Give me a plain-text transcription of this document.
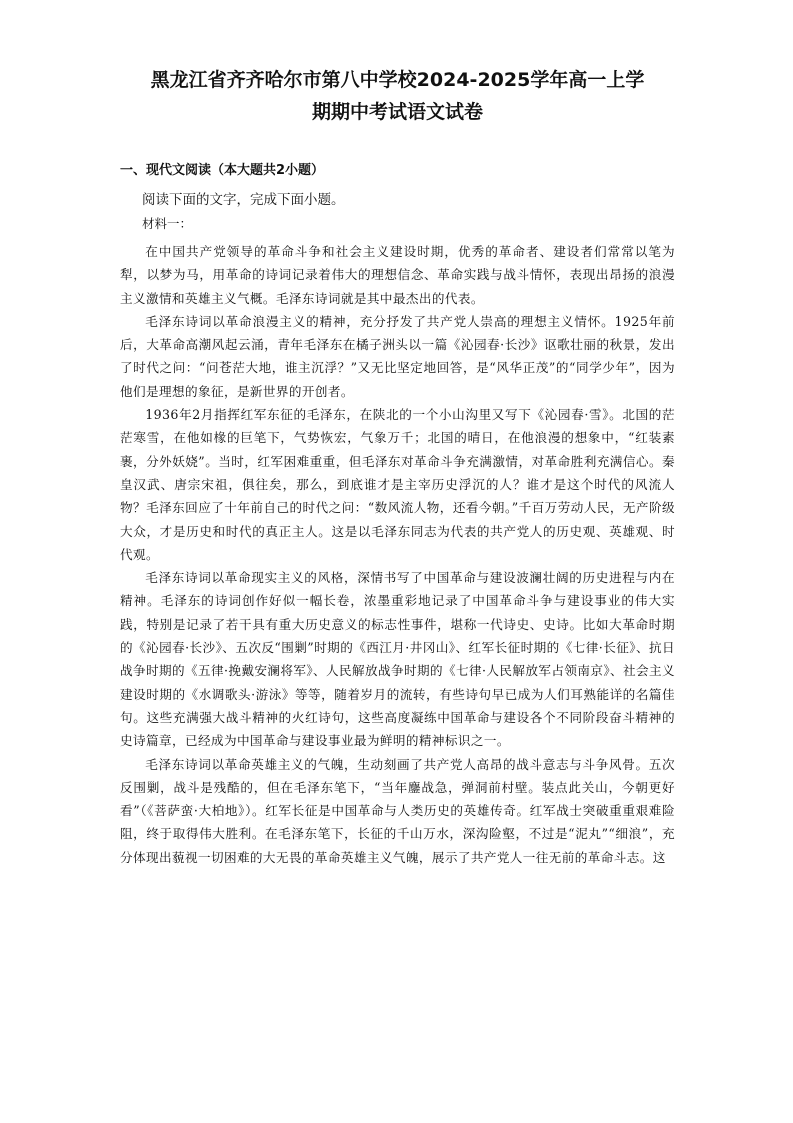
黑龙江省齐齐哈尔市第八中学校2024-2025学年高一上学
期期中考试语文试卷
一、现代文阅读（本大题共2小题）
阅读下面的文字，完成下面小题。
材料一：

在中国共产党领导的革命斗争和社会主义建设时期，优秀的革命者、建设者们常常以笔为犁，以梦为马，用革命的诗词记录着伟大的理想信念、革命实践与战斗情怀，表现出昂扬的浪漫主义激情和英雄主义气概。毛泽东诗词就是其中最杰出的代表。

毛泽东诗词以革命浪漫主义的精神，充分抒发了共产党人崇高的理想主义情怀。1925年前后，大革命高潮风起云涌，青年毛泽东在橘子洲头以一篇《沁园春·长沙》讴歌壮丽的秋景，发出了时代之问：“问苍茫大地，谁主沉浮？”又无比坚定地回答，是“风华正茂”的“同学少年”，因为他们是理想的象征，是新世界的开创者。

1936年2月指挥红军东征的毛泽东，在陕北的一个小山沟里又写下《沁园春·雪》。北国的茫茫寒雪，在他如椽的巨笔下，气势恢宏，气象万千；北国的晴日，在他浪漫的想象中，“红装素裹，分外妖娆”。当时，红军困难重重，但毛泽东对革命斗争充满激情，对革命胜利充满信心。秦皇汉武、唐宗宋祖，俱往矣，那么，到底谁才是主宰历史浮沉的人？谁才是这个时代的风流人物？毛泽东回应了十年前自己的时代之问：“数风流人物，还看今朝。”千百万劳动人民，无产阶级大众，才是历史和时代的真正主人。这是以毛泽东同志为代表的共产党人的历史观、英雄观、时代观。

毛泽东诗词以革命现实主义的风格，深情书写了中国革命与建设波澜壮阔的历史进程与内在精神。毛泽东的诗词创作好似一幅长卷，浓墨重彩地记录了中国革命斗争与建设事业的伟大实践，特别是记录了若干具有重大历史意义的标志性事件，堪称一代诗史、史诗。比如大革命时期的《沁园春·长沙》、五次反“围剿”时期的《西江月·井冈山》、红军长征时期的《七律·长征》、抗日战争时期的《五律·挽戴安澜将军》、人民解放战争时期的《七律·人民解放军占领南京》、社会主义建设时期的《水调歌头·游泳》等等，随着岁月的流转，有些诗句早已成为人们耳熟能详的名篇佳句。这些充满强大战斗精神的火红诗句，这些高度凝练中国革命与建设各个不同阶段奋斗精神的史诗篇章，已经成为中国革命与建设事业最为鲜明的精神标识之一。

毛泽东诗词以革命英雄主义的气魄，生动刻画了共产党人高昂的战斗意志与斗争风骨。五次反围剿，战斗是残酷的，但在毛泽东笔下，“当年鏖战急，弹洞前村壁。装点此关山，今朝更好看”（《菩萨蛮·大柏地》）。红军长征是中国革命与人类历史的英雄传奇。红军战士突破重重艰难险阻，终于取得伟大胜利。在毛泽东笔下，长征的千山万水，深沟险壑，不过是“泥丸”“细浪”，充分体现出藐视一切困难的大无畏的革命英雄主义气魄，展示了共产党人一往无前的革命斗志。这
